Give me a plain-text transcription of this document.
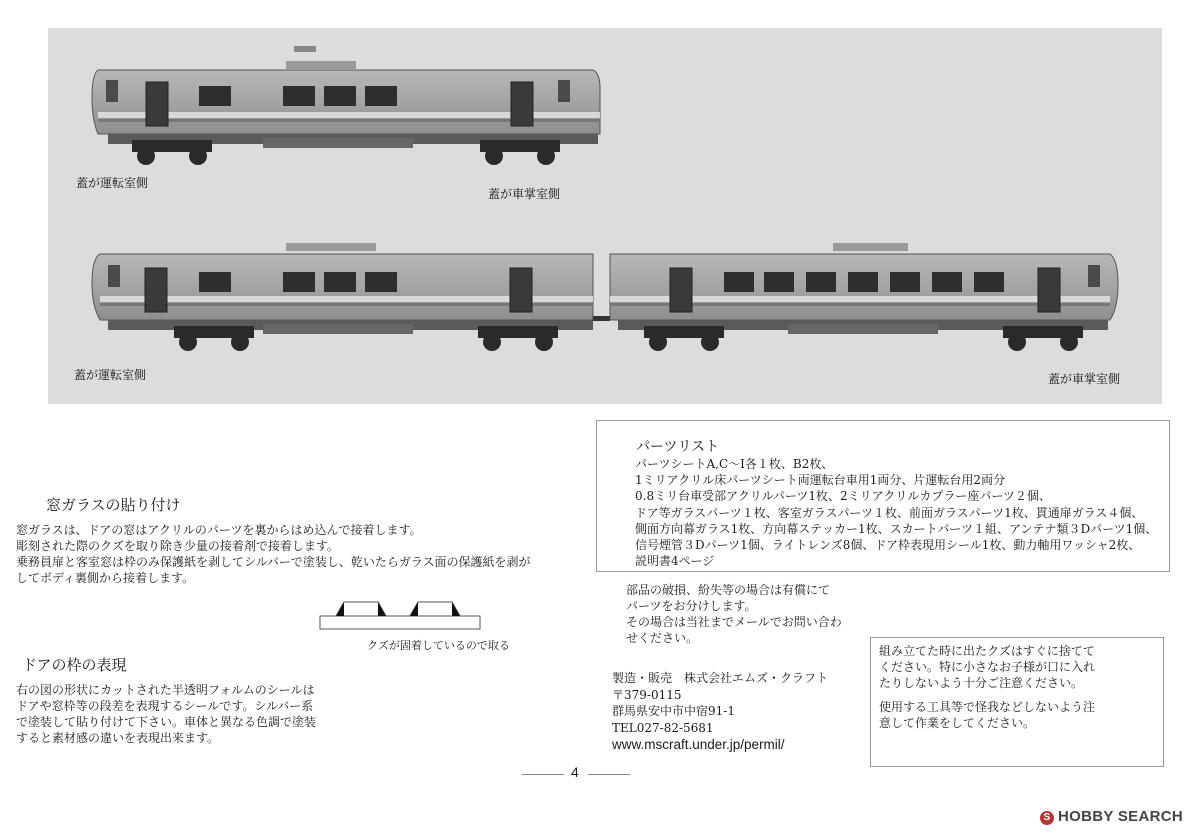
蓋が運転室側
蓋が車掌室側
蓋が運転室側	蓋が車掌室側
窓ガラスの貼り付け
窓ガラスは、ドアの窓はアクリルのパーツを裏からはめ込んで接着します。
彫刻された際のクズを取り除き少量の接着剤で接着します。
乗務員扉と客室窓は枠のみ保護紙を剥してシルバーで塗装し、乾いたらガラス面の保護紙を剥が
してボディ裏側から接着します。
クズが固着しているので取る
ドアの枠の表現
右の図の形状にカットされた半透明フォルムのシールは
ドアや窓枠等の段差を表現するシールです。シルバー系
で塗装して貼り付けて下さい。車体と異なる色調で塗装
すると素材感の違いを表現出来ます。
パーツリスト
パーツシートA,C〜I各１枚、B2枚、
1ミリアクリル床パーツシート両運転台車用1両分、片運転台用2両分
0.8ミリ台車受部アクリルパーツ1枚、2ミリアクリルカプラー座パーツ２個、
ドア等ガラスパーツ１枚、客室ガラスパーツ１枚、前面ガラスパーツ1枚、貫通扉ガラス４個、
側面方向幕ガラス1枚、方向幕ステッカー1枚、スカートパーツ１組、アンテナ類３Dパーツ1個、
信号煙管３Dパーツ1個、ライトレンズ8個、ドア枠表現用シール1枚、動力軸用ワッシャ2枚、
説明書4ページ
部品の破損、紛失等の場合は有償にて
パーツをお分けします。
その場合は当社までメールでお問い合わ
せください。
製造・販売　株式会社エムズ・クラフト
〒379-0115
群馬県安中市中宿91-1
TEL027-82-5681
www.mscraft.under.jp/permil/
組み立てた時に出たクズはすぐに捨てて
ください。特に小さなお子様が口に入れ
たりしないよう十分ご注意ください。
使用する工具等で怪我などしないよう注
意して作業をしてください。
4
S HOBBY SEARCH
